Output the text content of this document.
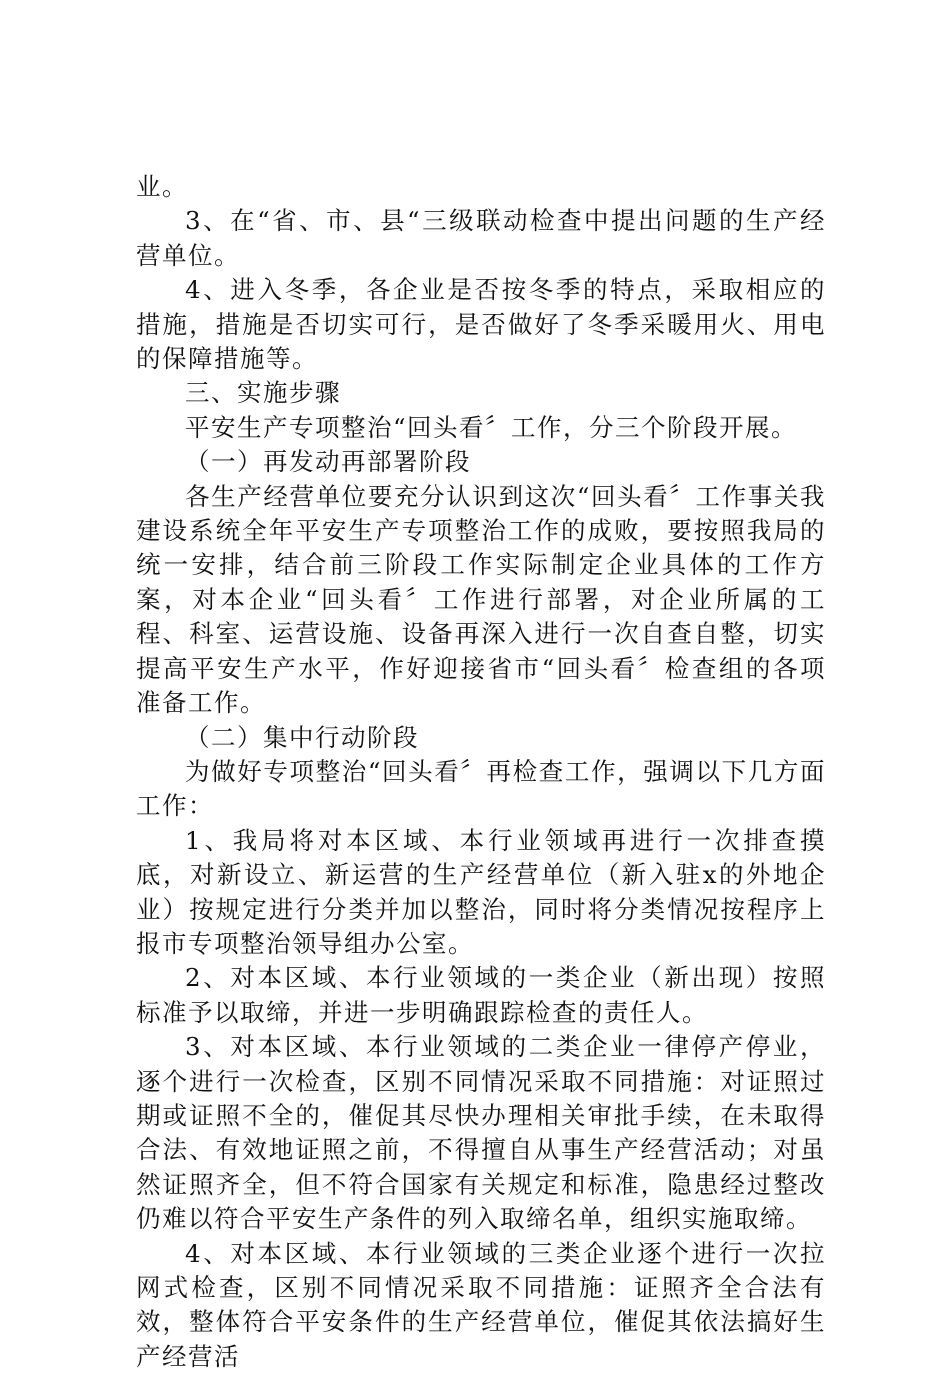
业。

3、在“省、市、县“三级联动检查中提出问题的生产经营单位。

4、进入冬季，各企业是否按冬季的特点，采取相应的措施，措施是否切实可行，是否做好了冬季采暖用火、用电的保障措施等。

三、实施步骤

平安生产专项整治“回头看〞工作，分三个阶段开展。

（一）再发动再部署阶段

各生产经营单位要充分认识到这次“回头看〞工作事关我建设系统全年平安生产专项整治工作的成败，要按照我局的统一安排，结合前三阶段工作实际制定企业具体的工作方案，对本企业“回头看〞工作进行部署，对企业所属的工程、科室、运营设施、设备再深入进行一次自查自整，切实提高平安生产水平，作好迎接省市“回头看〞检查组的各项准备工作。

（二）集中行动阶段

为做好专项整治“回头看〞再检查工作，强调以下几方面工作：

1、我局将对本区域、本行业领域再进行一次排查摸底，对新设立、新运营的生产经营单位（新入驻x的外地企业）按规定进行分类并加以整治，同时将分类情况按程序上报市专项整治领导组办公室。

2、对本区域、本行业领域的一类企业（新出现）按照标准予以取缔，并进一步明确跟踪检查的责任人。

3、对本区域、本行业领域的二类企业一律停产停业，逐个进行一次检查，区别不同情况采取不同措施：对证照过期或证照不全的，催促其尽快办理相关审批手续，在未取得合法、有效地证照之前，不得擅自从事生产经营活动；对虽然证照齐全，但不符合国家有关规定和标准，隐患经过整改仍难以符合平安生产条件的列入取缔名单，组织实施取缔。

4、对本区域、本行业领域的三类企业逐个进行一次拉网式检查，区别不同情况采取不同措施：证照齐全合法有效，整体符合平安条件的生产经营单位，催促其依法搞好生产经营活
